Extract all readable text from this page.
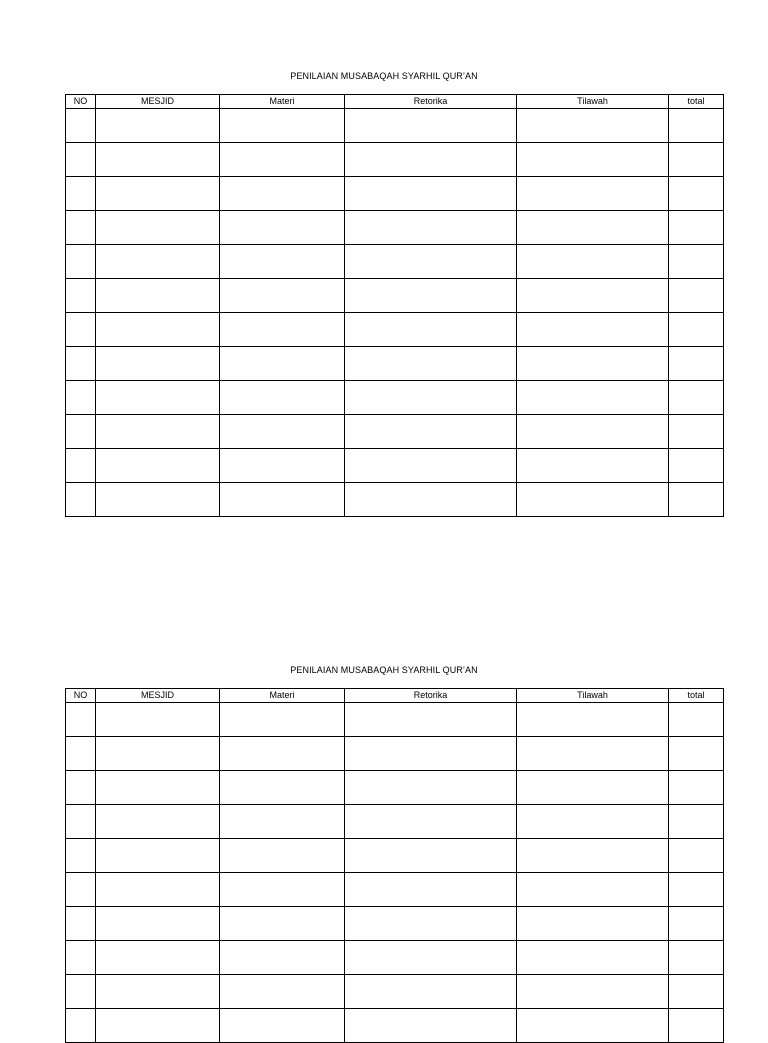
PENILAIAN MUSABAQAH SYARHIL QUR’AN
NO	MESJID	Materi	Retorika	Tilawah	total

PENILAIAN MUSABAQAH SYARHIL QUR’AN
NO	MESJID	Materi	Retorika	Tilawah	total
